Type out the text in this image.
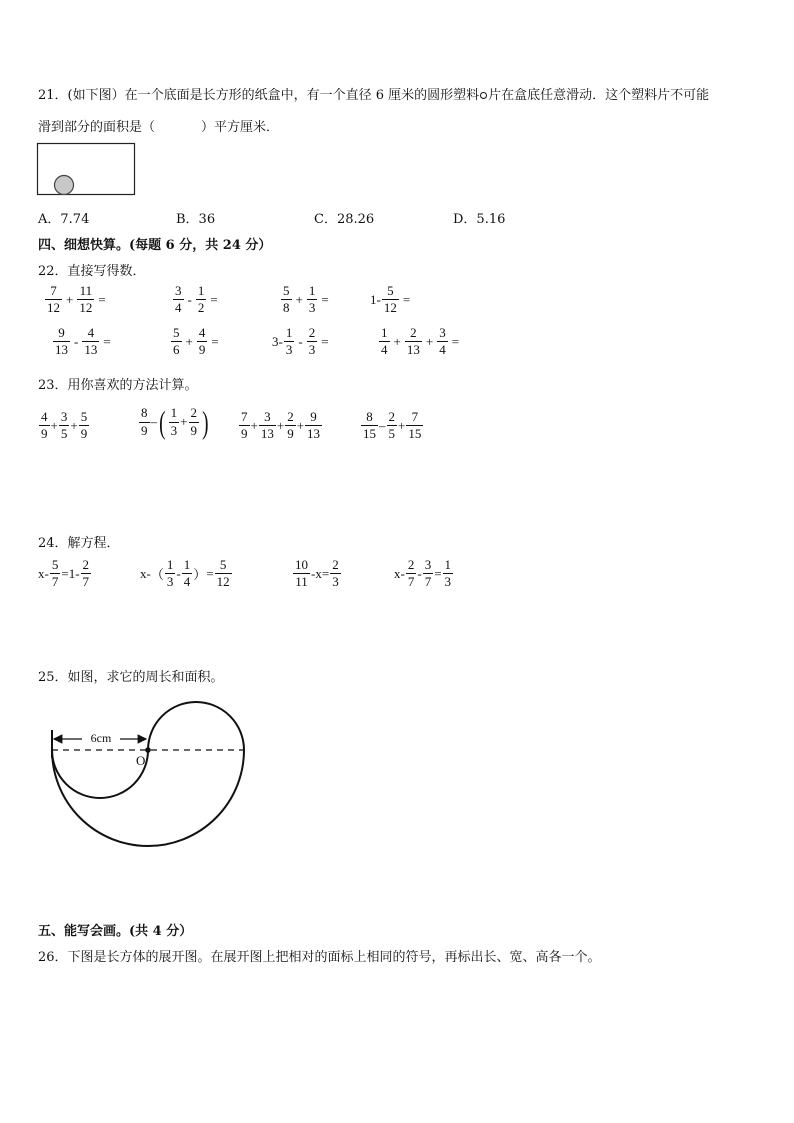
21．(如下图）在一个底面是长方形的纸盒中，有一个直径 6 厘米的圆形塑料 片在盒底任意滑动．这个塑料片不可能
滑到部分的面积是（	）平方厘米．
A．7.74	B．36	C．28.26	D．5.16
四、细想快算。(每题 6 分，共 24 分）
22．直接写得数．
$\frac{7}{12} + \frac{11}{12}$ =	$\frac{3}{4} - \frac{1}{2}$ =	$\frac{5}{8} + \frac{1}{3}$ =	$1- \frac{5}{12}$ =
$\frac{9}{13} - \frac{4}{13}$ =	$\frac{5}{6} + \frac{4}{9}$ =	$3- \frac{1}{3} - \frac{2}{3}$ =	$\frac{1}{4} + \frac{2}{13} + \frac{3}{4}$ =
23．用你喜欢的方法计算。
$\frac{4}{9} + \frac{3}{5} + \frac{5}{9}$	$\frac{8}{9}$ – ( $\frac{1}{3} + \frac{2}{9}$ ) $\frac{7}{9} + \frac{3}{13} + \frac{2}{9} + \frac{9}{13}$	$\frac{8}{15} - \frac{2}{5} + \frac{7}{15}$
24．解方程．
$x - \frac{5}{7} = 1 - \frac{2}{7}$	x - （ $\frac{1}{3} - \frac{1}{4}$ ） = $\frac{5}{12}$	$\frac{10}{11} - x = \frac{2}{3}$	$x - \frac{2}{7} - \frac{3}{7} = \frac{1}{3}$
25．如图，求它的周长和面积。
6cm
O
五、能写会画。(共 4 分）
26．下图是长方体的展开图。在展开图上把相对的面标上相同的符号，再标出长、宽、高各一个。
